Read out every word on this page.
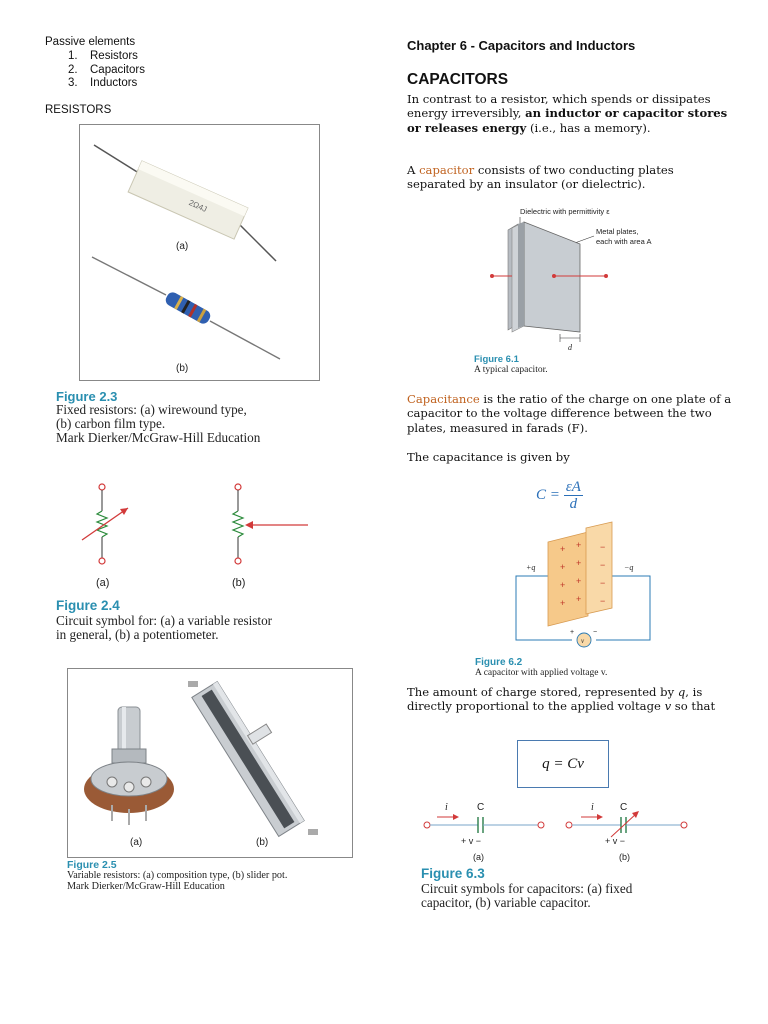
Passive elements
1. Resistors
2. Capacitors
3. Inductors
RESISTORS
2Ω4J
(a)
(b)
Figure 2.3
Fixed resistors: (a) wirewound type,
(b) carbon film type.
Mark Dierker/McGraw-Hill Education
(a)	(b)
Figure 2.4
Circuit symbol for: (a) a variable resistor
in general, (b) a potentiometer.
(a)	(b)
Figure 2.5
Variable resistors: (a) composition type, (b) slider pot.
Mark Dierker/McGraw-Hill Education
Chapter 6 - Capacitors and Inductors
CAPACITORS

In contrast to a resistor, which spends or dissipates energy irreversibly, an inductor or capacitor stores or releases energy (i.e., has a memory).

A capacitor consists of two conducting plates separated by an insulator (or dielectric).

Dielectric with permittivity ε
Metal plates,
each with area A
d
Figure 6.1
A typical capacitor.

Capacitance is the ratio of the charge on one plate of a capacitor to the voltage difference between the two plates, measured in farads (F).

The capacitance is given by
$C = \frac{\varepsilon A}{d}$
+ +
+ +
+ +
+ +
−
−
−
−
+q	−q
v
+	−
Figure 6.2
A capacitor with applied voltage v.

The amount of charge stored, represented by q, is directly proportional to the applied voltage v so that

q = Cv
i	C
+ v −
(a)
i	C
+ v −
(b)
Figure 6.3
Circuit symbols for capacitors: (a) fixed
capacitor, (b) variable capacitor.
